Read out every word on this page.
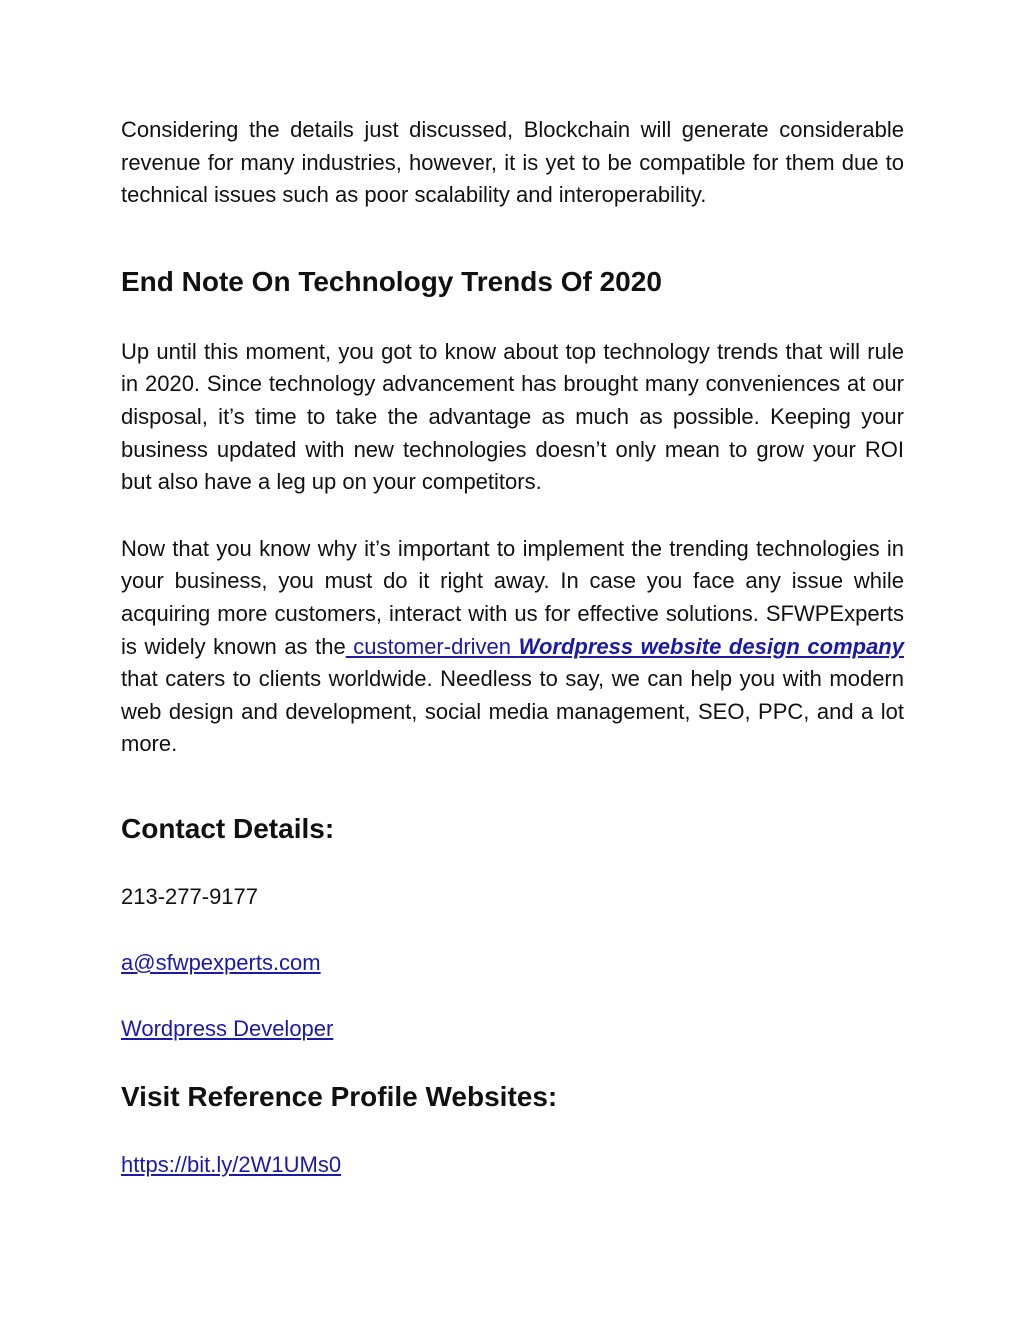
Considering the details just discussed, Blockchain will generate considerable revenue for many industries, however, it is yet to be compatible for them due to technical issues such as poor scalability and interoperability.

End Note On Technology Trends Of 2020

Up until this moment, you got to know about top technology trends that will rule in 2020. Since technology advancement has brought many conveniences at our disposal, it’s time to take the advantage as much as possible. Keeping your business updated with new technologies doesn’t only mean to grow your ROI but also have a leg up on your competitors.

Now that you know why it’s important to implement the trending technologies in your business, you must do it right away. In case you face any issue while acquiring more customers, interact with us for effective solutions. SFWPExperts is widely known as the customer-driven Wordpress website design company that caters to clients worldwide. Needless to say, we can help you with modern web design and development, social media management, SEO, PPC, and a lot more.

Contact Details:

213-277-9177

a@sfwpexperts.com

Wordpress Developer

Visit Reference Profile Websites:

https://bit.ly/2W1UMs0
